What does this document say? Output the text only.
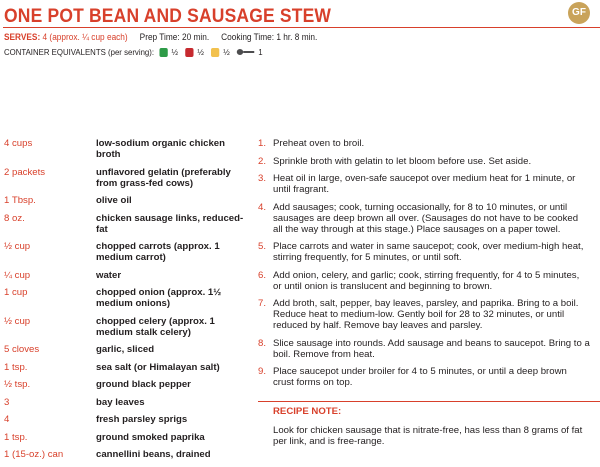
ONE POT BEAN AND SAUSAGE STEW	GF
SERVES: 4 (approx. ¼ cup each) Prep Time: 20 min. Cooking Time: 1 hr. 8 min.
CONTAINER EQUIVALENTS (per serving): ½ ½ ½	1
4 cups	low-sodium organic chicken broth
2 packets	unflavored gelatin (preferably from grass-fed cows)
1 Tbsp.	olive oil
8 oz.	chicken sausage links, reduced-fat
½ cup	chopped carrots (approx. 1 medium carrot)
¼ cup	water
1 cup	chopped onion (approx. 1½ medium onions)
½ cup	chopped celery (approx. 1 medium stalk celery)
5 cloves	garlic, sliced
1 tsp.	sea salt (or Himalayan salt)
½ tsp.	ground black pepper
3	bay leaves
4	fresh parsley sprigs
1 tsp.	ground smoked paprika
1 (15-oz.) can	cannellini beans, drained
1. Preheat oven to broil.
2. Sprinkle broth with gelatin to let bloom before use. Set aside.
3. Heat oil in large, oven-safe saucepot over medium heat for 1 minute, or until fragrant.
4. Add sausages; cook, turning occasionally, for 8 to 10 minutes, or until sausages are deep brown all over. (Sausages do not have to be cooked all the way through at this stage.) Place sausages on a paper towel.
5. Place carrots and water in same saucepot; cook, over medium-high heat, stirring frequently, for 5 minutes, or until soft.
6. Add onion, celery, and garlic; cook, stirring frequently, for 4 to 5 minutes, or until onion is translucent and beginning to brown.
7. Add broth, salt, pepper, bay leaves, parsley, and paprika. Bring to a boil. Reduce heat to medium-low. Gently boil for 28 to 32 minutes, or until reduced by half. Remove bay leaves and parsley.
8. Slice sausage into rounds. Add sausage and beans to saucepot. Bring to a boil. Remove from heat.
9. Place saucepot under broiler for 4 to 5 minutes, or until a deep brown crust forms on top.
RECIPE NOTE:
Look for chicken sausage that is nitrate-free, has less than 8 grams of fat per link, and is free-range.
